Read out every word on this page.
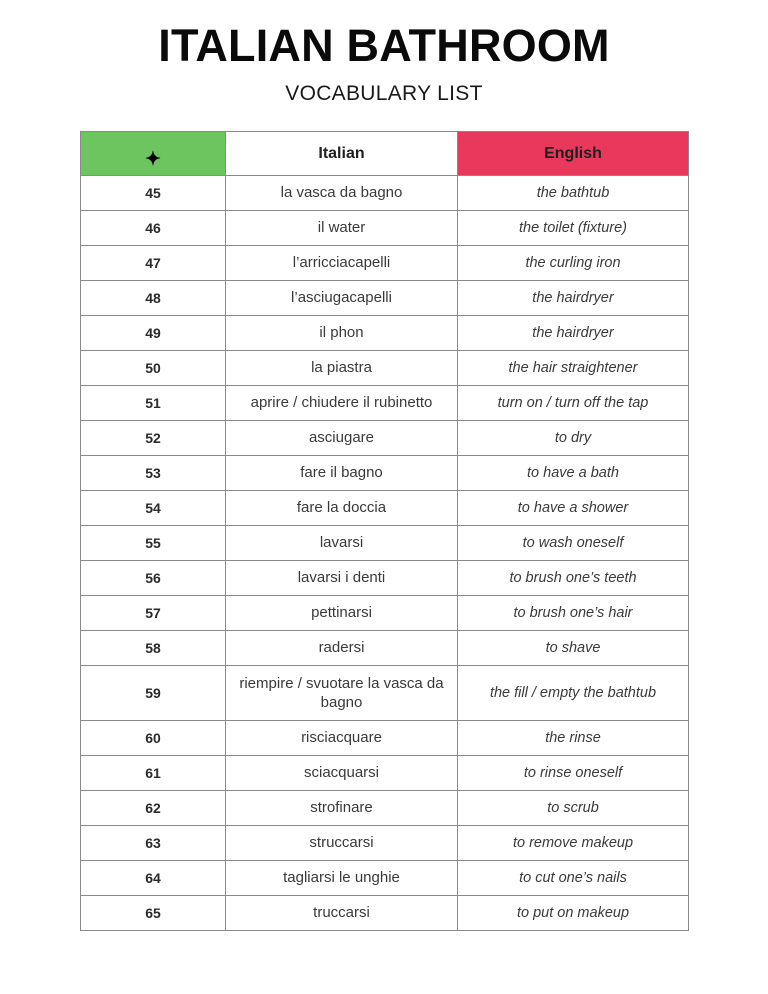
ITALIAN BATHROOM
VOCABULARY LIST
✦	Italian	English
45	la vasca da bagno	the bathtub
46	il water	the toilet (fixture)
47	l’arricciacapelli	the curling iron
48	l’asciugacapelli	the hairdryer
49	il phon	the hairdryer
50	la piastra	the hair straightener
51	aprire / chiudere il rubinetto	turn on / turn off the tap
52	asciugare	to dry
53	fare il bagno	to have a bath
54	fare la doccia	to have a shower
55	lavarsi	to wash oneself
56	lavarsi i denti	to brush one’s teeth
57	pettinarsi	to brush one’s hair
58	radersi	to shave
59	riempire / svuotare la vasca da bagno	the fill / empty the bathtub
60	risciacquare	the rinse
61	sciacquarsi	to rinse oneself
62	strofinare	to scrub
63	struccarsi	to remove makeup
64	tagliarsi le unghie	to cut one’s nails
65	truccarsi	to put on makeup
